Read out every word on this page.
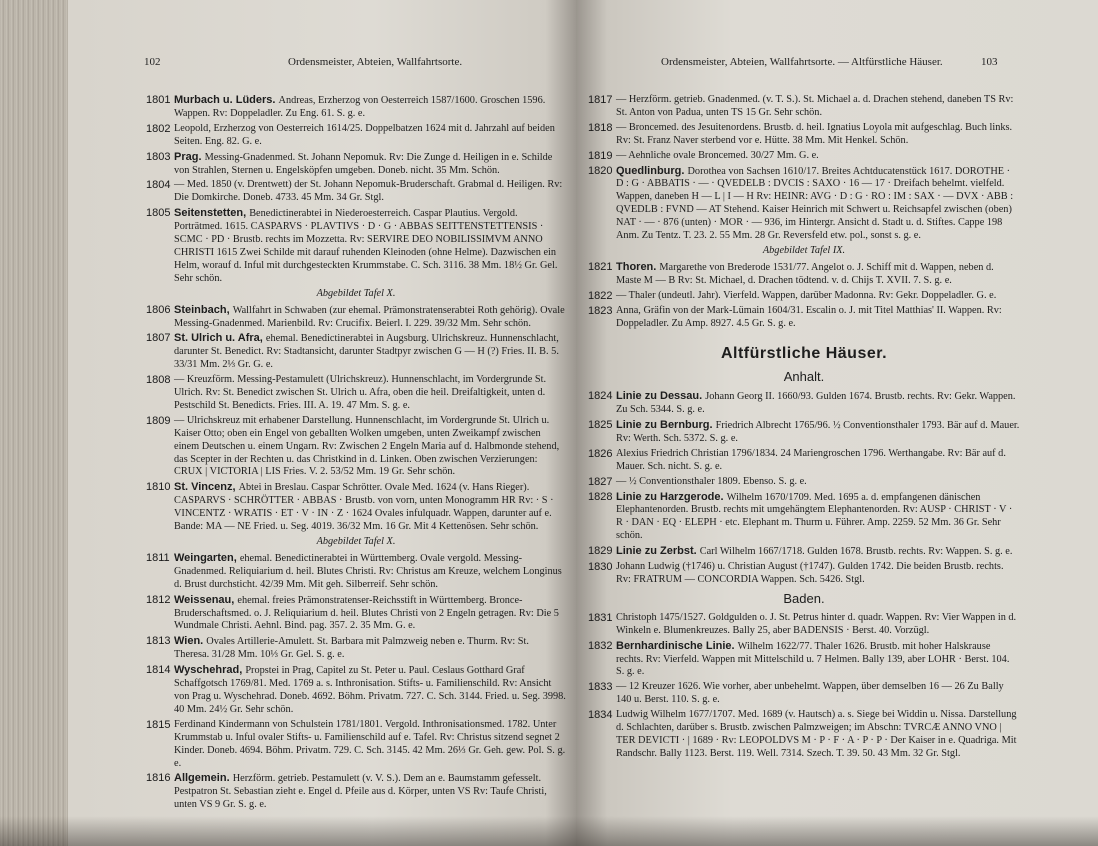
102	Ordensmeister, Abteien, Wallfahrtsorte.
1801 Murbach u. Lüders. Andreas, Erzherzog von Oesterreich 1587/1600. Groschen 1596. Wappen. Rv: Doppeladler. Zu Eng. 61. S. g. e.
1802 Leopold, Erzherzog von Oesterreich 1614/25. Doppelbatzen 1624 mit d. Jahrzahl auf beiden Seiten. Eng. 82. G. e.
1803 Prag. Messing-Gnadenmed. St. Johann Nepomuk. Rv: Die Zunge d. Heiligen in e. Schilde von Strahlen, Sternen u. Engelsköpfen umgeben. Doneb. nicht. 35 Mm. Schön.
1804 — Med. 1850 (v. Drentwett) der St. Johann Nepomuk-Bruderschaft. Grabmal d. Heiligen. Rv: Die Domkirche. Doneb. 4733. 45 Mm. 34 Gr. Stgl.
1805 Seitenstetten, Benedictinerabtei in Niederoesterreich. Caspar Plautius. Vergold. Porträtmed. 1615. CASPARVS · PLAVTIVS · D · G · ABBAS SEITTENSTETTENSIS · SCMC · PD · Brustb. rechts im Mozzetta. Rv: SERVIRE DEO NOBILISSIMVM ANNO CHRISTI 1615 Zwei Schilde mit darauf ruhenden Kleinoden (ohne Helme). Dazwischen ein Helm, worauf d. Inful mit durchgesteckten Krummstabe. C. Sch. 3116. 38 Mm. 18½ Gr. Gel. Sehr schön.
Abgebildet Tafel X.
1806 Steinbach, Wallfahrt in Schwaben (zur ehemal. Prämonstratenserabtei Roth gehörig). Ovale Messing-Gnadenmed. Marienbild. Rv: Crucifix. Beierl. I. 229. 39/32 Mm. Sehr schön.
1807 St. Ulrich u. Afra, ehemal. Benedictinerabtei in Augsburg. Ulrichskreuz. Hunnenschlacht, darunter St. Benedict. Rv: Stadtansicht, darunter Stadtpyr zwischen G — H (?) Fries. II. B. 5. 33/31 Mm. 2⅓ Gr. G. e.
1808 — Kreuzförm. Messing-Pestamulett (Ulrichskreuz). Hunnenschlacht, im Vordergrunde St. Ulrich. Rv: St. Benedict zwischen St. Ulrich u. Afra, oben die heil. Dreifaltigkeit, unten d. Pestschild St. Benedicts. Fries. III. A. 19. 47 Mm. S. g. e.
1809 — Ulrichskreuz mit erhabener Darstellung. Hunnenschlacht, im Vordergrunde St. Ulrich u. Kaiser Otto; oben ein Engel von geballten Wolken umgeben, unten Zweikampf zwischen einem Deutschen u. einem Ungarn. Rv: Zwischen 2 Engeln Maria auf d. Halbmonde stehend, das Scepter in der Rechten u. das Christkind in d. Linken. Oben zwischen Verzierungen: CRUX | VICTORIA | LIS Fries. V. 2. 53/52 Mm. 19 Gr. Sehr schön.
1810 St. Vincenz, Abtei in Breslau. Caspar Schrötter. Ovale Med. 1624 (v. Hans Rieger). CASPARVS · SCHRÖTTER · ABBAS · Brustb. von vorn, unten Monogramm HR Rv: · S · VINCENTZ · WRATIS · ET · V · IN · Z · 1624 Ovales infulquadr. Wappen, darunter auf e. Bande: MA — NE Fried. u. Seg. 4019. 36/32 Mm. 16 Gr. Mit 4 Kettenösen. Sehr schön.
Abgebildet Tafel X.
1811 Weingarten, ehemal. Benedictinerabtei in Württemberg. Ovale vergold. Messing-Gnadenmed. Reliquiarium d. heil. Blutes Christi. Rv: Christus am Kreuze, welchem Longinus d. Brust durchsticht. 42/39 Mm. Mit geh. Silberreif. Sehr schön.
1812 Weissenau, ehemal. freies Prämonstratenser-Reichsstift in Württemberg. Bronce-Bruderschaftsmed. o. J. Reliquiarium d. heil. Blutes Christi von 2 Engeln getragen. Rv: Die 5 Wundmale Christi. Aehnl. Bind. pag. 357. 2. 35 Mm. G. e.
1813 Wien. Ovales Artillerie-Amulett. St. Barbara mit Palmzweig neben e. Thurm. Rv: St. Theresa. 31/28 Mm. 10⅓ Gr. Gel. S. g. e.
1814 Wyschehrad, Propstei in Prag, Capitel zu St. Peter u. Paul. Ceslaus Gotthard Graf Schaffgotsch 1769/81. Med. 1769 a. s. Inthronisation. Stifts- u. Familienschild. Rv: Ansicht von Prag u. Wyschehrad. Doneb. 4692. Böhm. Privatm. 727. C. Sch. 3144. Fried. u. Seg. 3998. 40 Mm. 24½ Gr. Sehr schön.
1815 Ferdinand Kindermann von Schulstein 1781/1801. Vergold. Inthronisationsmed. 1782. Unter Krummstab u. Inful ovaler Stifts- u. Familienschild auf e. Tafel. Rv: Christus sitzend segnet 2 Kinder. Doneb. 4694. Böhm. Privatm. 729. C. Sch. 3145. 42 Mm. 26⅓ Gr. Geh. gew. Pol. S. g. e.
1816 Allgemein. Herzförm. getrieb. Pestamulett (v. V. S.). Dem an e. Baumstamm gefesselt. Pestpatron St. Sebastian zieht e. Engel d. Pfeile aus d. Körper, unten VS Rv: Taufe Christi, unten VS 9 Gr. S. g. e.
Ordensmeister, Abteien, Wallfahrtsorte. — Altfürstliche Häuser.	103
1817 — Herzförm. getrieb. Gnadenmed. (v. T. S.). St. Michael a. d. Drachen stehend, daneben TS Rv: St. Anton von Padua, unten TS 15 Gr. Sehr schön.
1818 — Broncemed. des Jesuitenordens. Brustb. d. heil. Ignatius Loyola mit aufgeschlag. Buch links. Rv: St. Franz Naver sterbend vor e. Hütte. 38 Mm. Mit Henkel. Schön.
1819 — Aehnliche ovale Broncemed. 30/27 Mm. G. e.
1820 Quedlinburg. Dorothea von Sachsen 1610/17. Breites Achtducatenstück 1617. DOROTHE · D : G · ABBATIS · — · QVEDELB : DVCIS : SAXO · 16 — 17 · Dreifach behelmt. vielfeld. Wappen, daneben H — L | I — H Rv: HEINR: AVG · D : G · RO : IM : SAX · — DVX · ABB : QVEDLB : FVND — AT Stehend. Kaiser Heinrich mit Schwert u. Reichsapfel zwischen (oben) NAT · — · 876 (unten) · MOR · — 936, im Hintergr. Ansicht d. Stadt u. d. Stiftes. Cappe 198 Anm. Zu Tentz. T. 23. 2. 55 Mm. 28 Gr. Reversfeld etw. pol., sonst s. g. e.
Abgebildet Tafel IX.
1821 Thoren. Margarethe von Brederode 1531/77. Angelot o. J. Schiff mit d. Wappen, neben d. Maste M — B Rv: St. Michael, d. Drachen tödtend. v. d. Chijs T. XVII. 7. S. g. e.
1822 — Thaler (undeutl. Jahr). Vierfeld. Wappen, darüber Madonna. Rv: Gekr. Doppeladler. G. e.
1823 Anna, Gräfin von der Mark-Lümain 1604/31. Escalin o. J. mit Titel Matthias' II. Wappen. Rv: Doppeladler. Zu Amp. 8927. 4.5 Gr. S. g. e.
Altfürstliche Häuser.
Anhalt.
1824 Linie zu Dessau. Johann Georg II. 1660/93. Gulden 1674. Brustb. rechts. Rv: Gekr. Wappen. Zu Sch. 5344. S. g. e.
1825 Linie zu Bernburg. Friedrich Albrecht 1765/96. ½ Conventionsthaler 1793. Bär auf d. Mauer. Rv: Werth. Sch. 5372. S. g. e.
1826 Alexius Friedrich Christian 1796/1834. 24 Mariengroschen 1796. Werthangabe. Rv: Bär auf d. Mauer. Sch. nicht. S. g. e.
1827 — ½ Conventionsthaler 1809. Ebenso. S. g. e.
1828 Linie zu Harzgerode. Wilhelm 1670/1709. Med. 1695 a. d. empfangenen dänischen Elephantenorden. Brustb. rechts mit umgehängtem Elephantenorden. Rv: AUSP · CHRIST · V · R · DAN · EQ · ELEPH · etc. Elephant m. Thurm u. Führer. Amp. 2259. 52 Mm. 36 Gr. Sehr schön.
1829 Linie zu Zerbst. Carl Wilhelm 1667/1718. Gulden 1678. Brustb. rechts. Rv: Wappen. S. g. e.
1830 Johann Ludwig (†1746) u. Christian August (†1747). Gulden 1742. Die beiden Brustb. rechts. Rv: FRATRUM — CONCORDIA Wappen. Sch. 5426. Stgl.
Baden.
1831 Christoph 1475/1527. Goldgulden o. J. St. Petrus hinter d. quadr. Wappen. Rv: Vier Wappen in d. Winkeln e. Blumenkreuzes. Bally 25, aber BADENSIS · Berst. 40. Vorzügl.
1832 Bernhardinische Linie. Wilhelm 1622/77. Thaler 1626. Brustb. mit hoher Halskrause rechts. Rv: Vierfeld. Wappen mit Mittelschild u. 7 Helmen. Bally 139, aber LOHR · Berst. 104. S. g. e.
1833 — 12 Kreuzer 1626. Wie vorher, aber unbehelmt. Wappen, über demselben 16 — 26 Zu Bally 140 u. Berst. 110. S. g. e.
1834 Ludwig Wilhelm 1677/1707. Med. 1689 (v. Hautsch) a. s. Siege bei Widdin u. Nissa. Darstellung d. Schlachten, darüber s. Brustb. zwischen Palmzweigen; im Abschn: TVRCÆ ANNO VNO | TER DEVICTI · | 1689 · Rv: LEOPOLDVS M · P · F · A · P · P · Der Kaiser in e. Quadriga. Mit Randschr. Bally 1123. Berst. 119. Well. 7314. Szech. T. 39. 50. 43 Mm. 32 Gr. Stgl.
